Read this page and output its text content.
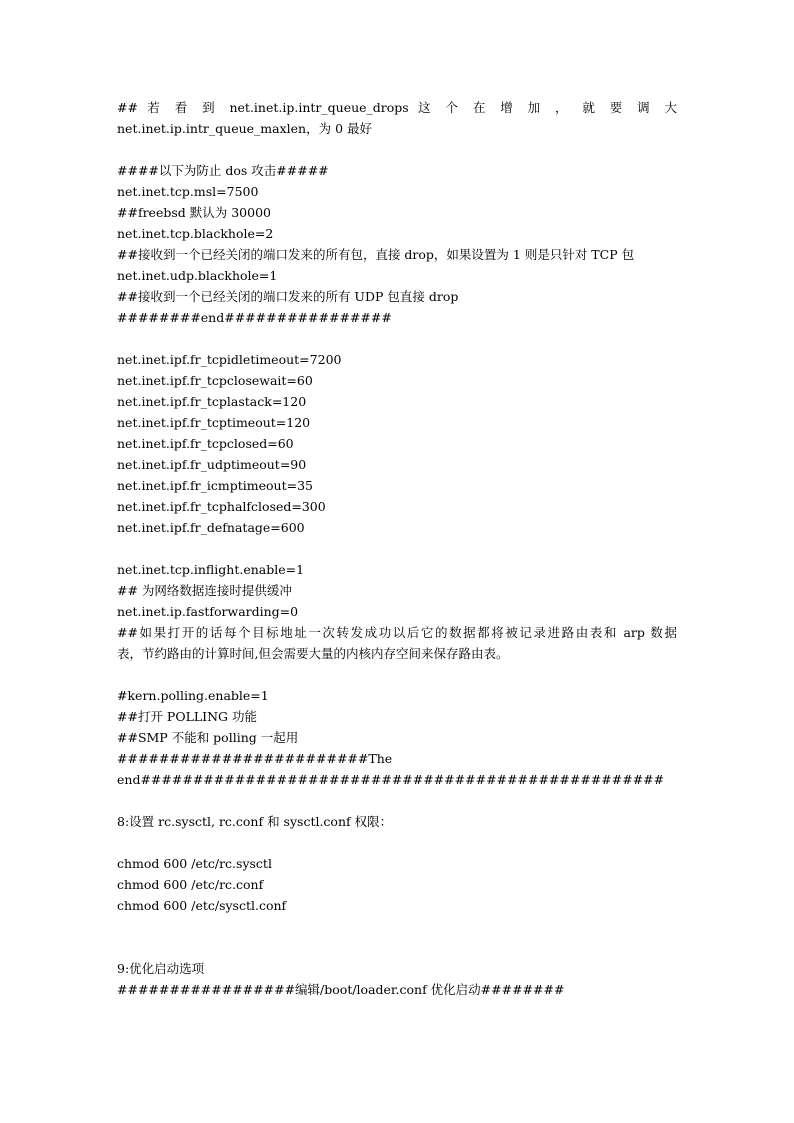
## 若 看 到 net.inet.ip.intr_queue_drops 这 个 在 增 加 ， 就 要 调 大
net.inet.ip.intr_queue_maxlen，为 0 最好
####以下为防止 dos 攻击#####
net.inet.tcp.msl=7500
##freebsd 默认为 30000
net.inet.tcp.blackhole=2
##接收到一个已经关闭的端口发来的所有包，直接 drop，如果设置为 1 则是只针对 TCP 包
net.inet.udp.blackhole=1
##接收到一个已经关闭的端口发来的所有 UDP 包直接 drop
########end################
net.inet.ipf.fr_tcpidletimeout=7200
net.inet.ipf.fr_tcpclosewait=60
net.inet.ipf.fr_tcplastack=120
net.inet.ipf.fr_tcptimeout=120
net.inet.ipf.fr_tcpclosed=60
net.inet.ipf.fr_udptimeout=90
net.inet.ipf.fr_icmptimeout=35
net.inet.ipf.fr_tcphalfclosed=300
net.inet.ipf.fr_defnatage=600
net.inet.tcp.inflight.enable=1
## 为网络数据连接时提供缓冲
net.inet.ip.fastforwarding=0
##如果打开的话每个目标地址一次转发成功以后它的数据都将被记录进路由表和 arp 数据
表，节约路由的计算时间,但会需要大量的内核内存空间来保存路由表。
#kern.polling.enable=1
##打开 POLLING 功能
##SMP 不能和 polling 一起用
########################The
end##################################################
8:设置 rc.sysctl, rc.conf 和 sysctl.conf 权限：
chmod 600 /etc/rc.sysctl
chmod 600 /etc/rc.conf
chmod 600 /etc/sysctl.conf
9:优化启动选项
#################编辑/boot/loader.conf 优化启动########
